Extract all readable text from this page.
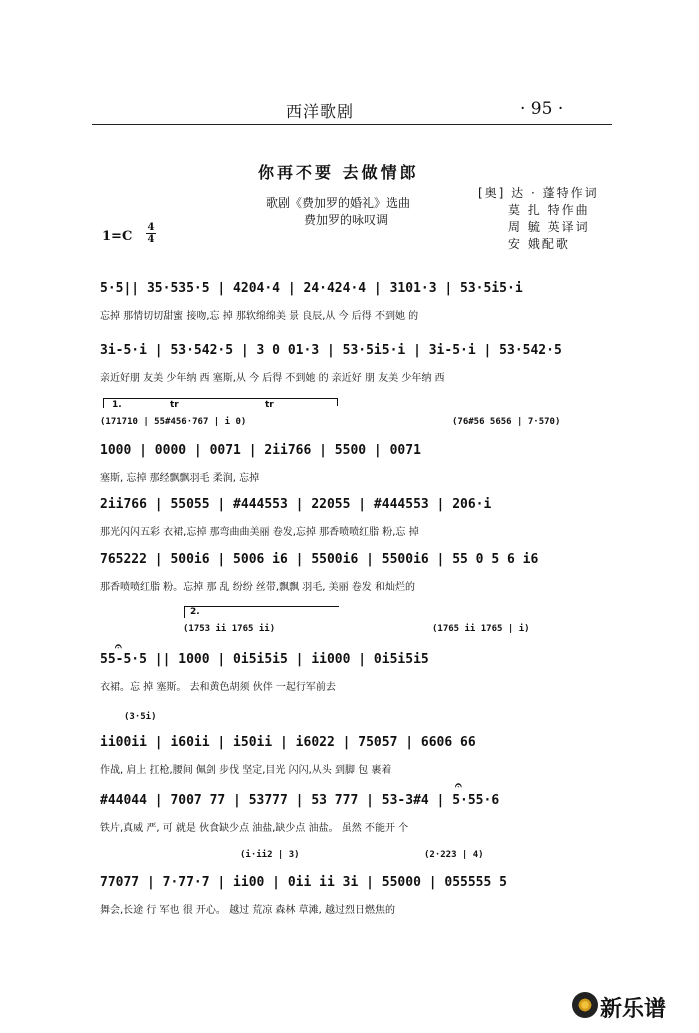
西洋歌剧	· 95 ·
你再不要 去做情郎
歌剧《费加罗的婚礼》选曲
费加罗的咏叹调
[奥] 达 · 蓬特作词
莫 扎 特作曲
周 毓 英译词
安 娥配歌
1=C
4
4
5·5|| 35·535·5 | 4204·4 | 24·424·4 | 3101·3 | 53·5i5·i
忘掉 那情切切甜蜜 接吻,忘 掉 那软绵绵美 景 良辰,从 今 后得 不到她 的
3i-5·i | 53·542·5 | 3 0 01·3 | 53·5i5·i | 3i-5·i | 53·542·5
亲近好朋 友美 少年纳 西 塞斯,从 今 后得 不到她 的 亲近好 朋 友美 少年纳 西
1.	tr	tr
(171710 | 55#456·767 | i 0)	(76#56 5656 | 7·570)
1000 | 0000 | 0071 | 2ii766 | 5500 | 0071
塞斯, 忘掉 那经飘飘羽毛 柔润, 忘掉
2ii766 | 55055 | #444553 | 22055 | #444553 | 206·i
那光闪闪五彩 衣裙,忘掉 那弯曲曲美丽 卷发,忘掉 那香喷喷红脂 粉,忘 掉
765222 | 500i6 | 5006 i6 | 5500i6 | 5500i6 | 55 0 5 6 i6
那香喷喷红脂 粉。忘掉 那 乱 纷纷 丝带,飘飘 羽毛, 美丽 卷发 和灿烂的
2.
(1753 ii 1765 ii)	(1765 ii 1765 | i)
𝄐
55-5·5 || 1000 | 0i5i5i5 | ii000 | 0i5i5i5
衣裙。忘 掉 塞斯。 去和黄色胡须 伙伴 一起行军前去
(3·5i)
ii00ii | i60ii | i50ii | i6022 | 75057 | 6606 66
作战, 肩上 扛枪,腰间 佩剑 步伐 坚定,目光 闪闪,从头 到脚 包 裹着
𝄐
#44044 | 7007 77 | 53777 | 53 777 | 53-3#4 | 5·55·6
铁片,真威 严, 可 就是 伙食缺少点 油盐,缺少点 油盐。 虽然 不能开 个
(i·ii2 | 3)	(2·223 | 4)
77077 | 7·77·7 | ii00 | 0ii ii 3i | 55000 | 055555 5
舞会,长途 行 军也 很 开心。 越过 荒凉 森林 草滩, 越过烈日燃焦的
新乐谱
